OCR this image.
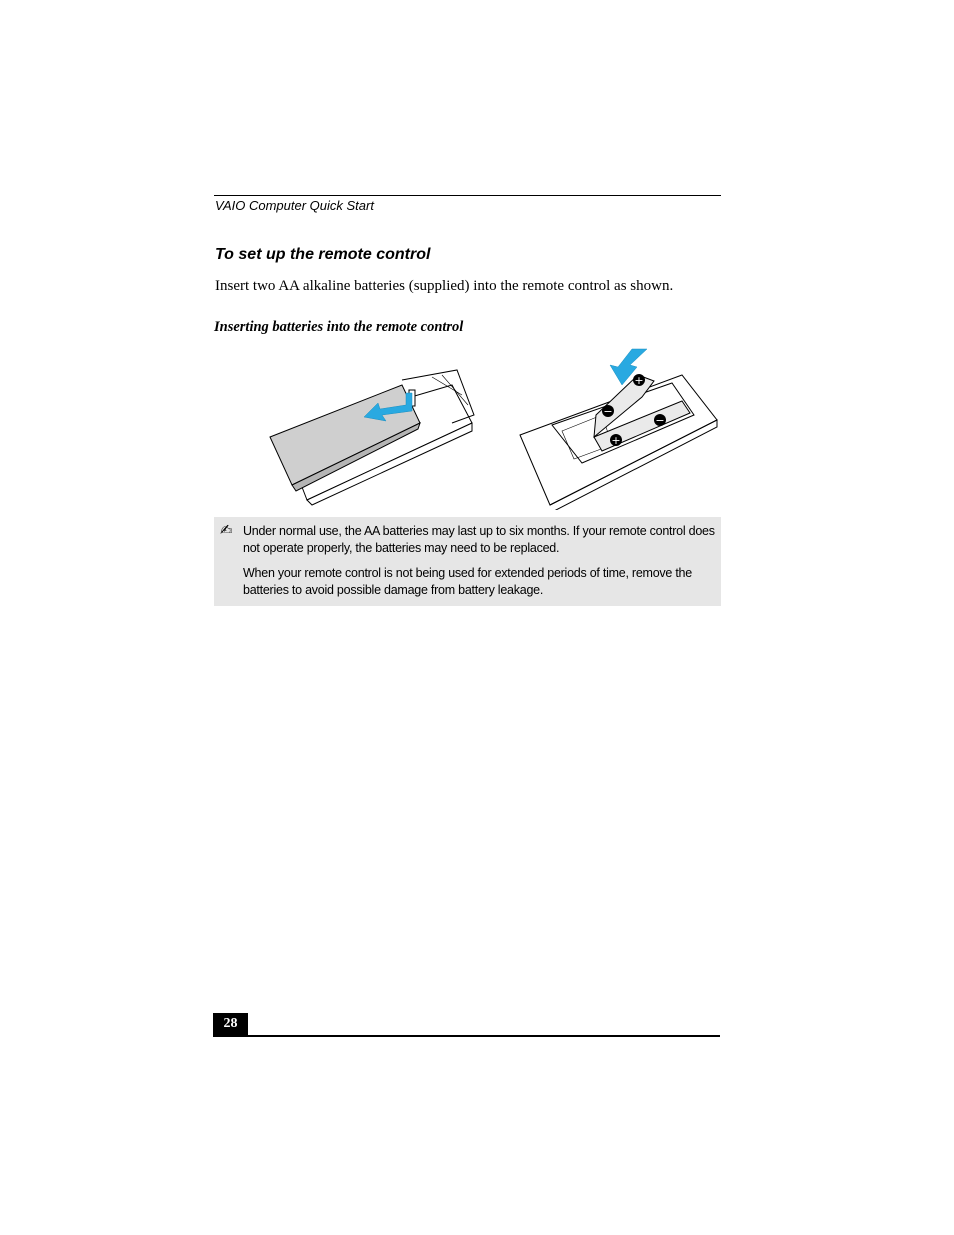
VAIO Computer Quick Start
To set up the remote control
Insert two AA alkaline batteries (supplied) into the remote control as shown.
Inserting batteries into the remote control
+
−
+
−
✍ Under normal use, the AA batteries may last up to six months. If your remote control does not operate properly, the batteries may need to be replaced.
When your remote control is not being used for extended periods of time, remove the batteries to avoid possible damage from battery leakage.
28
